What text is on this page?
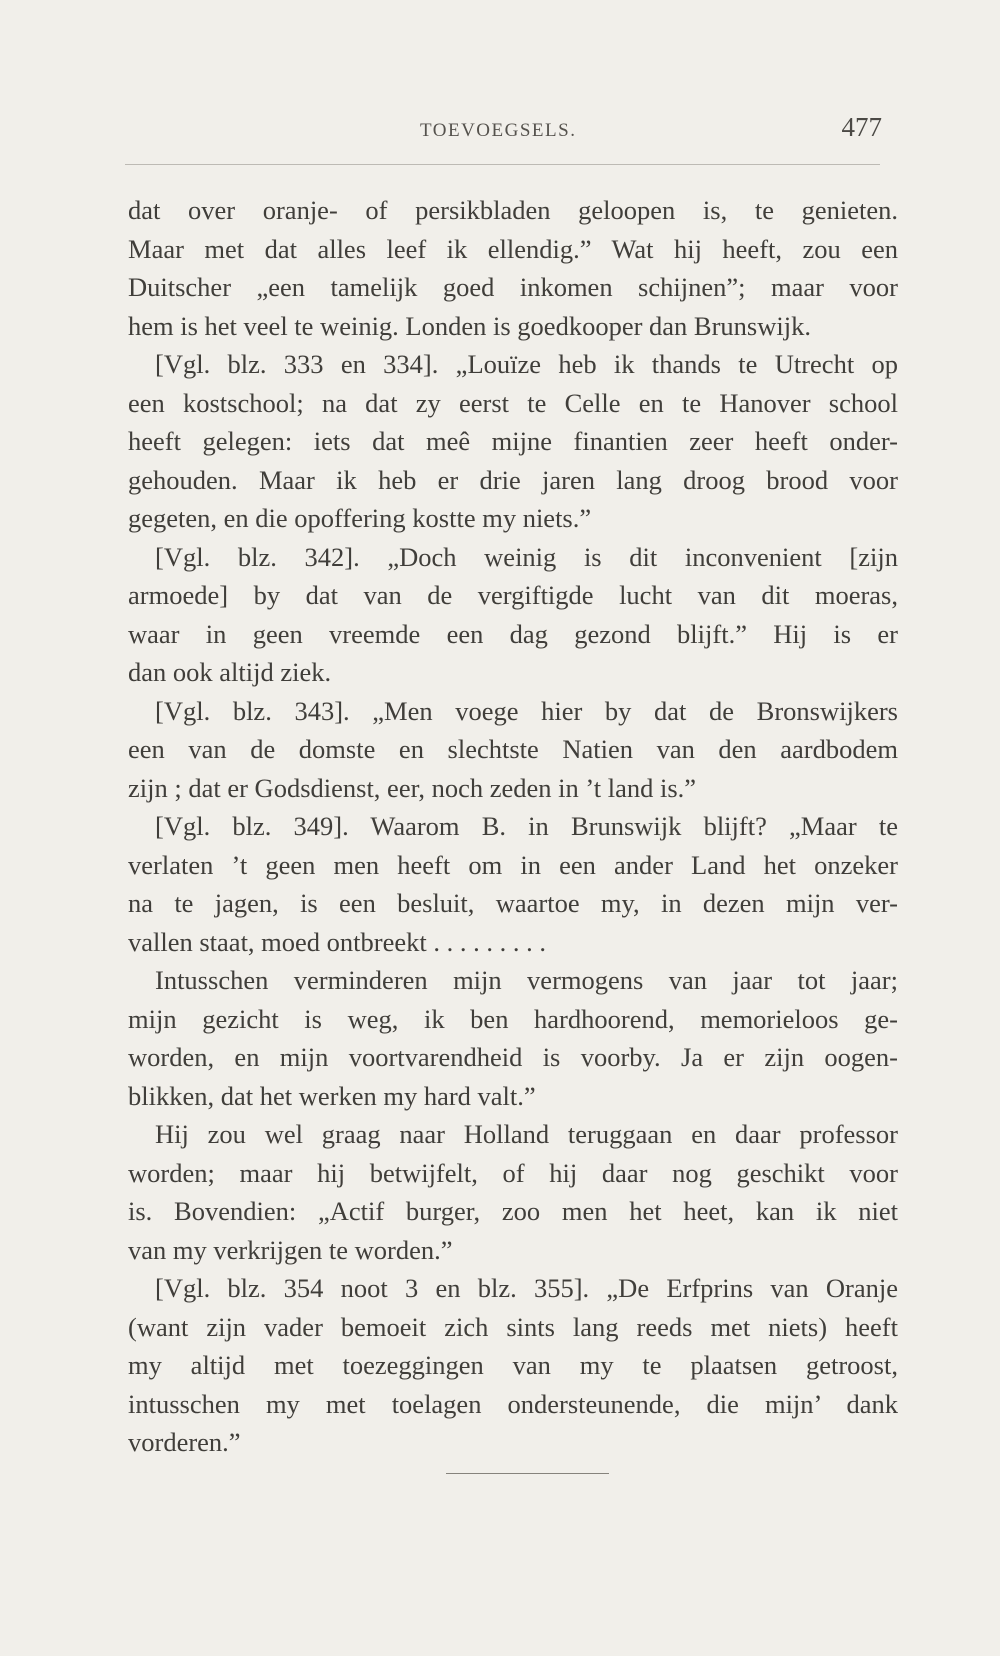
TOEVOEGSELS.	477
dat over oranje- of persikbladen geloopen is, te genieten.
Maar met dat alles leef ik ellendig.” Wat hij heeft, zou een
Duitscher „een tamelijk goed inkomen schijnen”; maar voor
hem is het veel te weinig. Londen is goedkooper dan Brunswijk.
[Vgl. blz. 333 en 334]. „Louïze heb ik thands te Utrecht op
een kostschool; na dat zy eerst te Celle en te Hanover school
heeft gelegen: iets dat meê mijne finantien zeer heeft onder-
gehouden. Maar ik heb er drie jaren lang droog brood voor
gegeten, en die opoffering kostte my niets.”
[Vgl. blz. 342]. „Doch weinig is dit inconvenient [zijn
armoede] by dat van de vergiftigde lucht van dit moeras,
waar in geen vreemde een dag gezond blijft.” Hij is er
dan ook altijd ziek.
[Vgl. blz. 343]. „Men voege hier by dat de Bronswijkers
een van de domste en slechtste Natien van den aardbodem
zijn ; dat er Godsdienst, eer, noch zeden in ’t land is.”
[Vgl. blz. 349]. Waarom B. in Brunswijk blijft? „Maar te
verlaten ’t geen men heeft om in een ander Land het onzeker
na te jagen, is een besluit, waartoe my, in dezen mijn ver-
vallen staat, moed ontbreekt . . . . . . . . .
Intusschen verminderen mijn vermogens van jaar tot jaar;
mijn gezicht is weg, ik ben hardhoorend, memorieloos ge-
worden, en mijn voortvarendheid is voorby. Ja er zijn oogen-
blikken, dat het werken my hard valt.”
Hij zou wel graag naar Holland teruggaan en daar professor
worden; maar hij betwijfelt, of hij daar nog geschikt voor
is. Bovendien: „Actif burger, zoo men het heet, kan ik niet
van my verkrijgen te worden.”
[Vgl. blz. 354 noot 3 en blz. 355]. „De Erfprins van Oranje
(want zijn vader bemoeit zich sints lang reeds met niets) heeft
my altijd met toezeggingen van my te plaatsen getroost,
intusschen my met toelagen ondersteunende, die mijn’ dank
vorderen.”
